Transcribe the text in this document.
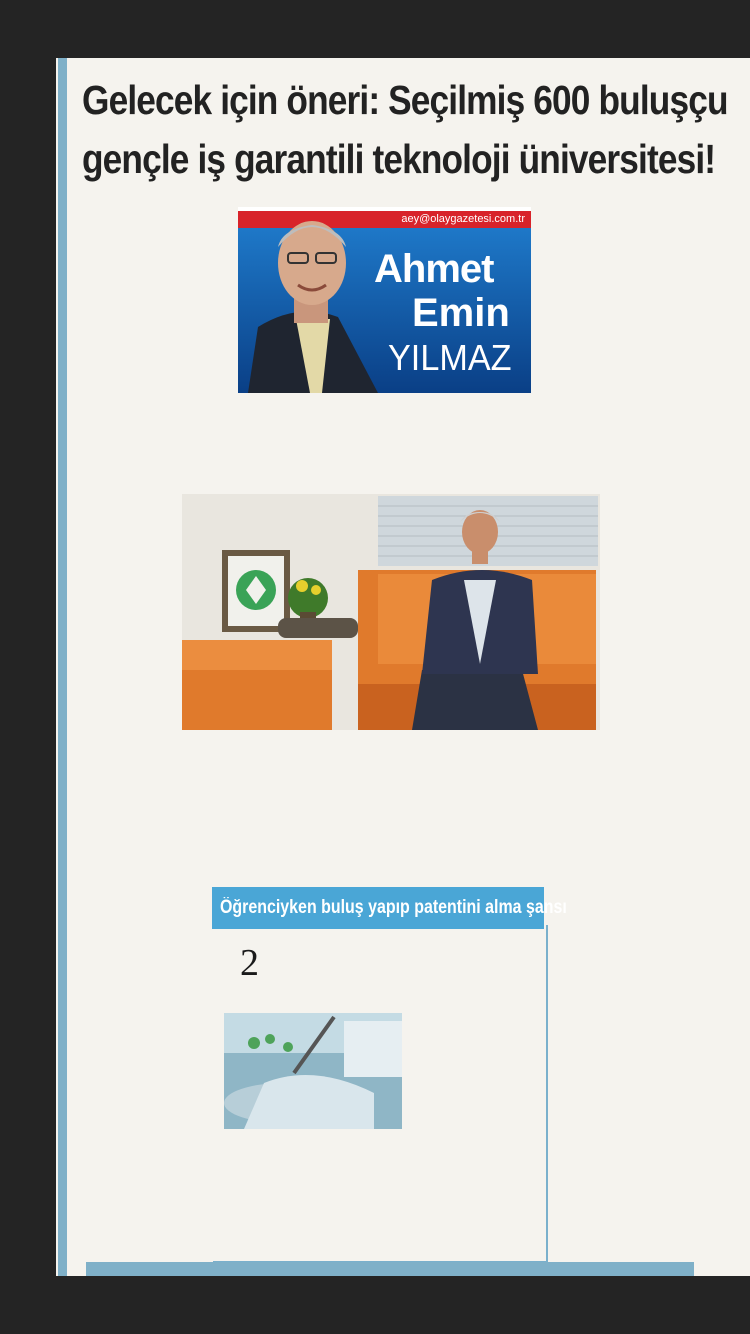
Gelecek için öneri: Seçilmiş 600 buluşçu
gençle iş garantili teknoloji üniversitesi!
aey@olaygazetesi.com.tr
Ahmet
Emin
YILMAZ
Öğrenciyken buluş yapıp patentini alma şansı
2
